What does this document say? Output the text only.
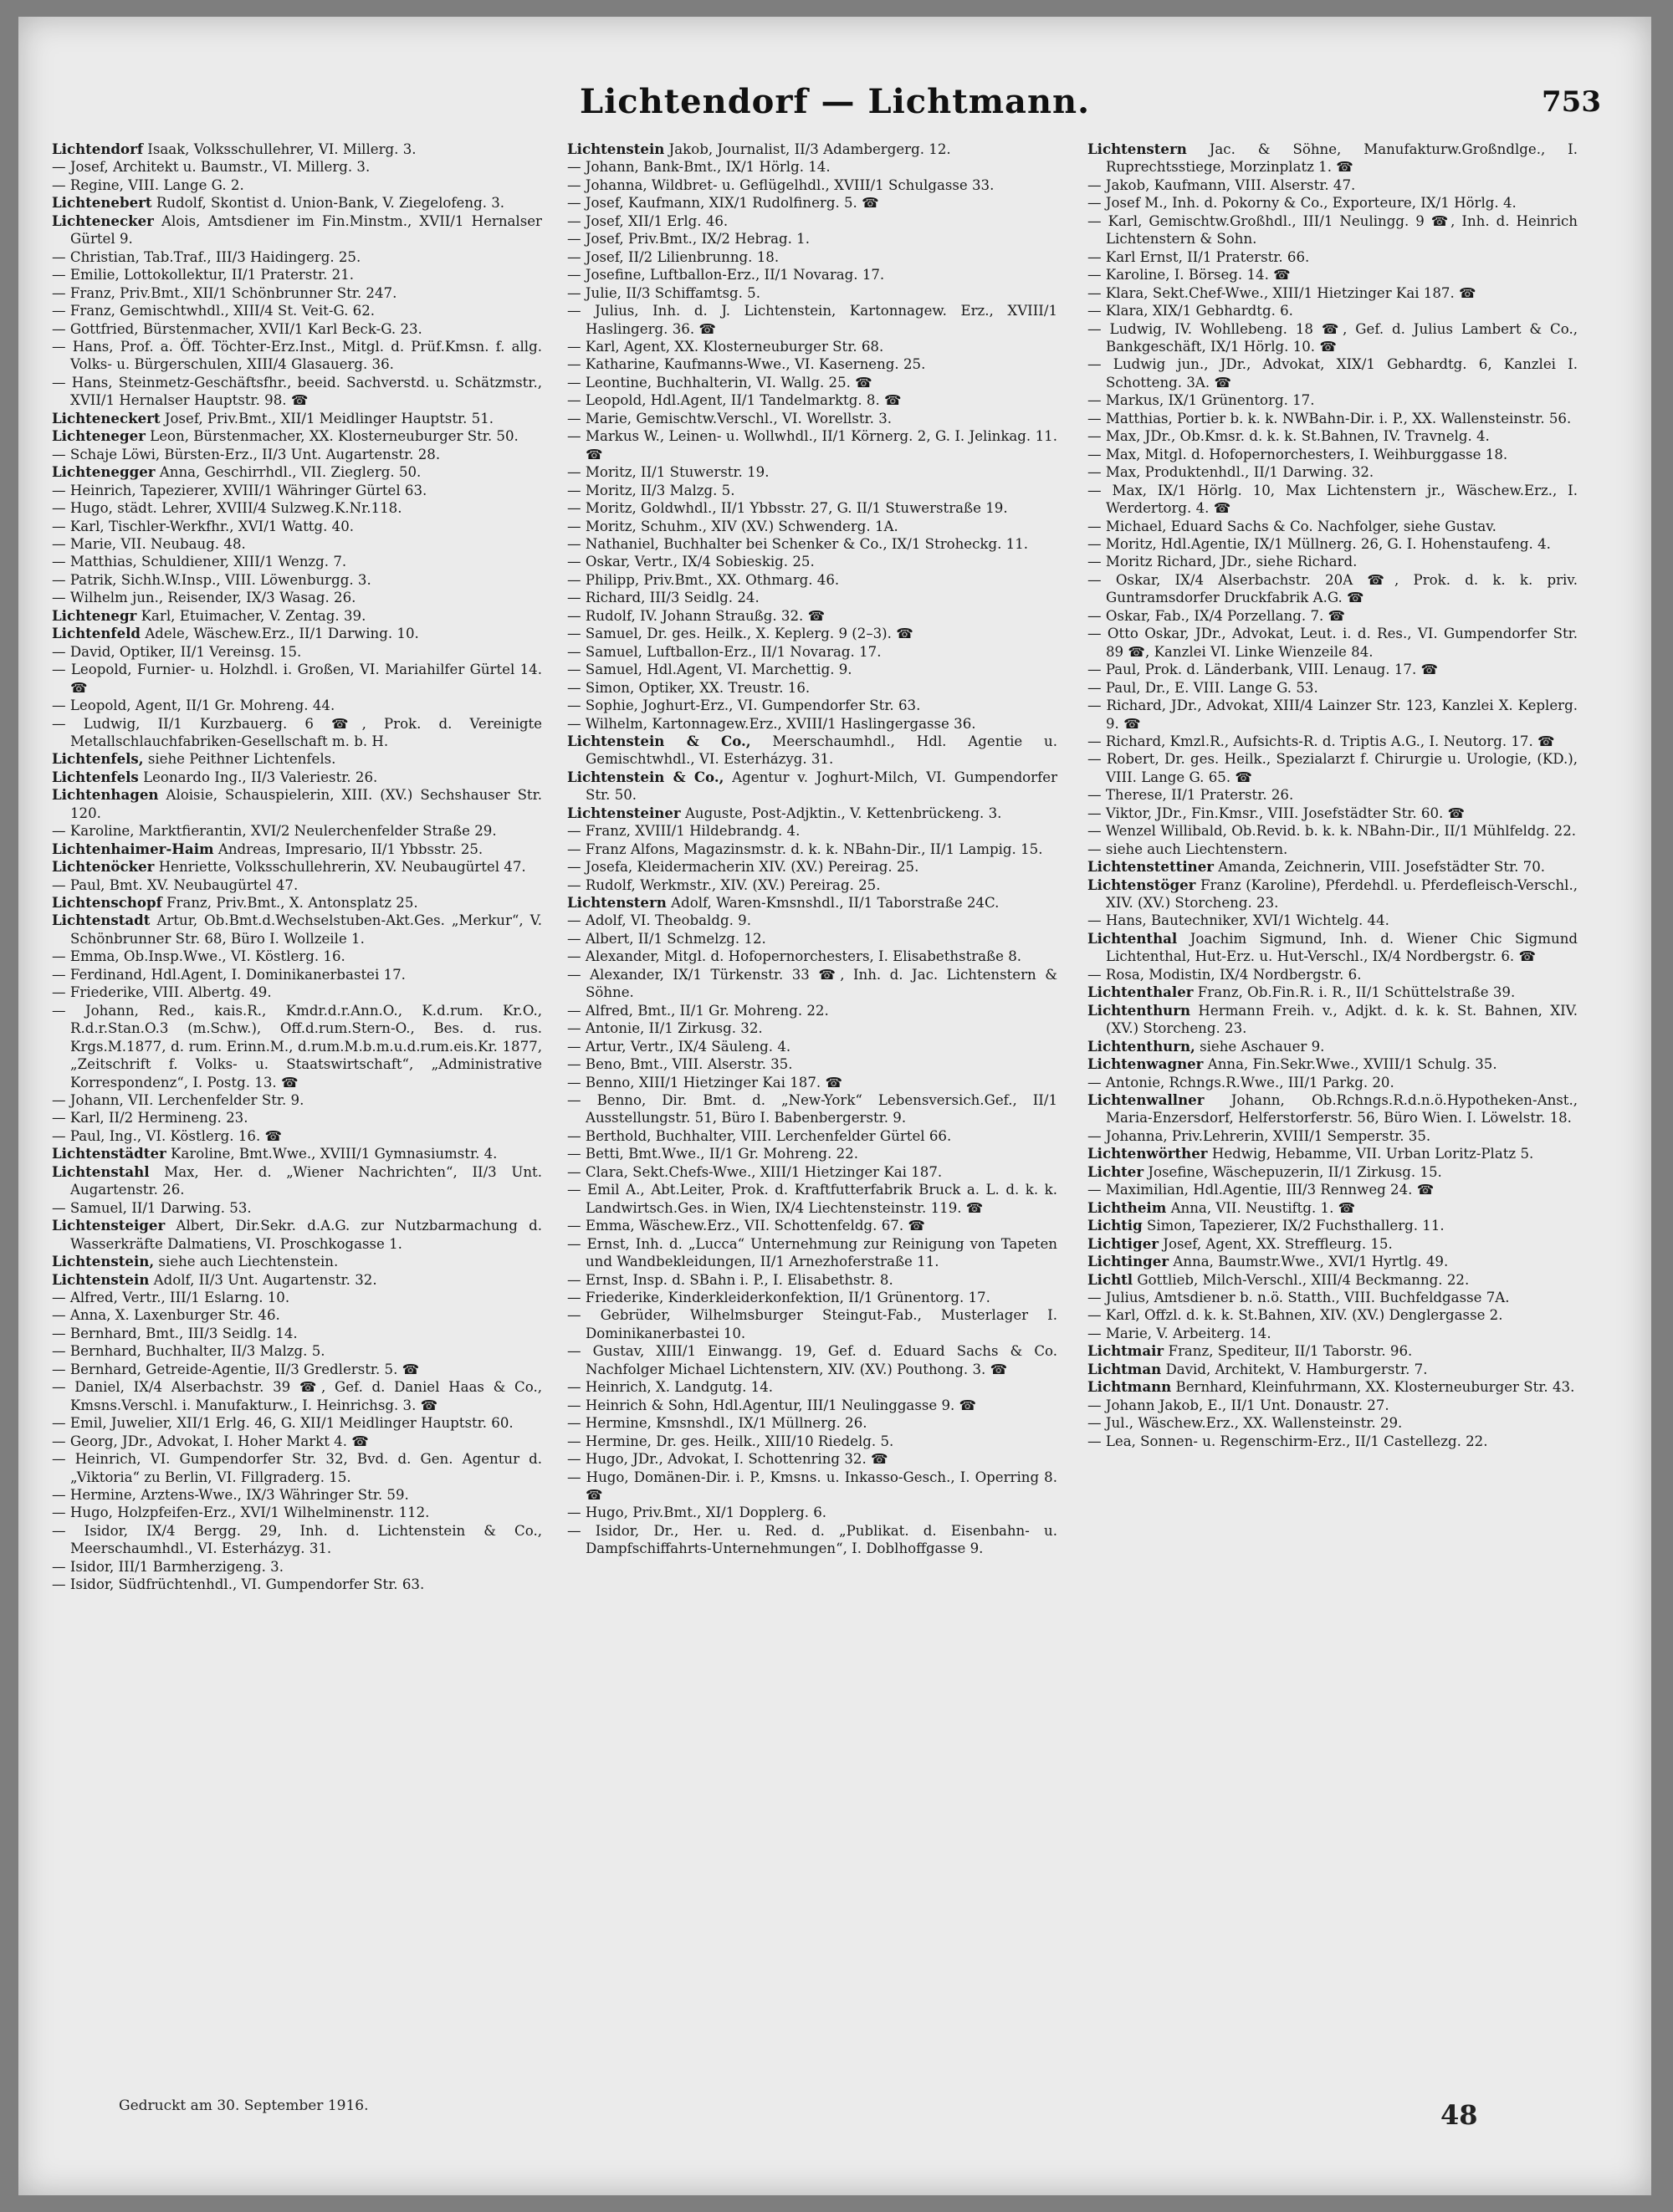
Lichtendorf — Lichtmann.	753

Lichtendorf Isaak, Volksschullehrer, VI. Millerg. 3.

— Josef, Architekt u. Baumstr., VI. Millerg. 3.

— Regine, VIII. Lange G. 2.

Lichtenebert Rudolf, Skontist d. Union-Bank, V. Ziegelofeng. 3.

Lichtenecker Alois, Amtsdiener im Fin.Minstm., XVII/1 Hernalser Gürtel 9.

— Christian, Tab.Traf., III/3 Haidingerg. 25.

— Emilie, Lottokollektur, II/1 Praterstr. 21.

— Franz, Priv.Bmt., XII/1 Schönbrunner Str. 247.

— Franz, Gemischtwhdl., XIII/4 St. Veit-G. 62.

— Gottfried, Bürstenmacher, XVII/1 Karl Beck-G. 23.

— Hans, Prof. a. Öff. Töchter-Erz.Inst., Mitgl. d. Prüf.Kmsn. f. allg. Volks- u. Bürgerschulen, XIII/4 Glasauerg. 36.

— Hans, Steinmetz-Geschäftsfhr., beeid. Sachverstd. u. Schätzmstr., XVII/1 Hernalser Hauptstr. 98. ☎

Lichteneckert Josef, Priv.Bmt., XII/1 Meidlinger Hauptstr. 51.

Lichteneger Leon, Bürstenmacher, XX. Klosterneuburger Str. 50.

— Schaje Löwi, Bürsten-Erz., II/3 Unt. Augartenstr. 28.

Lichtenegger Anna, Geschirrhdl., VII. Zieglerg. 50.

— Heinrich, Tapezierer, XVIII/1 Währinger Gürtel 63.

— Hugo, städt. Lehrer, XVIII/4 Sulzweg.K.Nr.118.

— Karl, Tischler-Werkfhr., XVI/1 Wattg. 40.

— Marie, VII. Neubaug. 48.

— Matthias, Schuldiener, XIII/1 Wenzg. 7.

— Patrik, Sichh.W.Insp., VIII. Löwenburgg. 3.

— Wilhelm jun., Reisender, IX/3 Wasag. 26.

Lichtenegr Karl, Etuimacher, V. Zentag. 39.

Lichtenfeld Adele, Wäschew.Erz., II/1 Darwing. 10.

— David, Optiker, II/1 Vereinsg. 15.

— Leopold, Furnier- u. Holzhdl. i. Großen, VI. Mariahilfer Gürtel 14. ☎

— Leopold, Agent, II/1 Gr. Mohreng. 44.

— Ludwig, II/1 Kurzbauerg. 6 ☎, Prok. d. Vereinigte Metallschlauchfabriken-Gesellschaft m. b. H.

Lichtenfels, siehe Peithner Lichtenfels.

Lichtenfels Leonardo Ing., II/3 Valeriestr. 26.

Lichtenhagen Aloisie, Schauspielerin, XIII. (XV.) Sechshauser Str. 120.

— Karoline, Marktfierantin, XVI/2 Neulerchenfelder Straße 29.

Lichtenhaimer-Haim Andreas, Impresario, II/1 Ybbsstr. 25.

Lichtenöcker Henriette, Volksschullehrerin, XV. Neubaugürtel 47.

— Paul, Bmt. XV. Neubaugürtel 47.

Lichtenschopf Franz, Priv.Bmt., X. Antonsplatz 25.

Lichtenstadt Artur, Ob.Bmt.d.Wechselstuben-Akt.Ges. „Merkur“, V. Schönbrunner Str. 68, Büro I. Wollzeile 1.

— Emma, Ob.Insp.Wwe., VI. Köstlerg. 16.

— Ferdinand, Hdl.Agent, I. Dominikanerbastei 17.

— Friederike, VIII. Albertg. 49.

— Johann, Red., kais.R., Kmdr.d.r.Ann.O., K.d.rum. Kr.O., R.d.r.Stan.O.3 (m.Schw.), Off.d.rum.Stern-O., Bes. d. rus. Krgs.M.1877, d. rum. Erinn.M., d.rum.M.b.m.u.d.rum.eis.Kr. 1877, „Zeitschrift f. Volks- u. Staatswirtschaft“, „Administrative Korrespondenz“, I. Postg. 13. ☎

— Johann, VII. Lerchenfelder Str. 9.

— Karl, II/2 Hermineng. 23.

— Paul, Ing., VI. Köstlerg. 16. ☎

Lichtenstädter Karoline, Bmt.Wwe., XVIII/1 Gymnasiumstr. 4.

Lichtenstahl Max, Her. d. „Wiener Nachrichten“, II/3 Unt. Augartenstr. 26.

— Samuel, II/1 Darwing. 53.

Lichtensteiger Albert, Dir.Sekr. d.A.G. zur Nutzbarmachung d. Wasserkräfte Dalmatiens, VI. Proschkogasse 1.

Lichtenstein, siehe auch Liechtenstein.

Lichtenstein Adolf, II/3 Unt. Augartenstr. 32.

— Alfred, Vertr., III/1 Eslarng. 10.

— Anna, X. Laxenburger Str. 46.

— Bernhard, Bmt., III/3 Seidlg. 14.

— Bernhard, Buchhalter, II/3 Malzg. 5.

— Bernhard, Getreide-Agentie, II/3 Gredlerstr. 5. ☎

— Daniel, IX/4 Alserbachstr. 39 ☎, Gef. d. Daniel Haas & Co., Kmsns.Verschl. i. Manufakturw., I. Heinrichsg. 3. ☎

— Emil, Juwelier, XII/1 Erlg. 46, G. XII/1 Meidlinger Hauptstr. 60.

— Georg, JDr., Advokat, I. Hoher Markt 4. ☎

— Heinrich, VI. Gumpendorfer Str. 32, Bvd. d. Gen. Agentur d. „Viktoria“ zu Berlin, VI. Fillgraderg. 15.

— Hermine, Arztens-Wwe., IX/3 Währinger Str. 59.

— Hugo, Holzpfeifen-Erz., XVI/1 Wilhelminenstr. 112.

— Isidor, IX/4 Bergg. 29, Inh. d. Lichtenstein & Co., Meerschaumhdl., VI. Esterházyg. 31.

— Isidor, III/1 Barmherzigeng. 3.

— Isidor, Südfrüchtenhdl., VI. Gumpendorfer Str. 63.

Lichtenstein Jakob, Journalist, II/3 Adambergerg. 12.

— Johann, Bank-Bmt., IX/1 Hörlg. 14.

— Johanna, Wildbret- u. Geflügelhdl., XVIII/1 Schulgasse 33.

— Josef, Kaufmann, XIX/1 Rudolfinerg. 5. ☎

— Josef, XII/1 Erlg. 46.

— Josef, Priv.Bmt., IX/2 Hebrag. 1.

— Josef, II/2 Lilienbrunng. 18.

— Josefine, Luftballon-Erz., II/1 Novarag. 17.

— Julie, II/3 Schiffamtsg. 5.

— Julius, Inh. d. J. Lichtenstein, Kartonnagew. Erz., XVIII/1 Haslingerg. 36. ☎

— Karl, Agent, XX. Klosterneuburger Str. 68.

— Katharine, Kaufmanns-Wwe., VI. Kaserneng. 25.

— Leontine, Buchhalterin, VI. Wallg. 25. ☎

— Leopold, Hdl.Agent, II/1 Tandelmarktg. 8. ☎

— Marie, Gemischtw.Verschl., VI. Worellstr. 3.

— Markus W., Leinen- u. Wollwhdl., II/1 Körnerg. 2, G. I. Jelinkag. 11. ☎

— Moritz, II/1 Stuwerstr. 19.

— Moritz, II/3 Malzg. 5.

— Moritz, Goldwhdl., II/1 Ybbsstr. 27, G. II/1 Stuwerstraße 19.

— Moritz, Schuhm., XIV (XV.) Schwenderg. 1A.

— Nathaniel, Buchhalter bei Schenker & Co., IX/1 Stroheckg. 11.

— Oskar, Vertr., IX/4 Sobieskig. 25.

— Philipp, Priv.Bmt., XX. Othmarg. 46.

— Richard, III/3 Seidlg. 24.

— Rudolf, IV. Johann Straußg. 32. ☎

— Samuel, Dr. ges. Heilk., X. Keplerg. 9 (2–3). ☎

— Samuel, Luftballon-Erz., II/1 Novarag. 17.

— Samuel, Hdl.Agent, VI. Marchettig. 9.

— Simon, Optiker, XX. Treustr. 16.

— Sophie, Joghurt-Erz., VI. Gumpendorfer Str. 63.

— Wilhelm, Kartonnagew.Erz., XVIII/1 Haslingergasse 36.

Lichtenstein & Co., Meerschaumhdl., Hdl. Agentie u. Gemischtwhdl., VI. Esterházyg. 31.

Lichtenstein & Co., Agentur v. Joghurt-Milch, VI. Gumpendorfer Str. 50.

Lichtensteiner Auguste, Post-Adjktin., V. Kettenbrückeng. 3.

— Franz, XVIII/1 Hildebrandg. 4.

— Franz Alfons, Magazinsmstr. d. k. k. NBahn-Dir., II/1 Lampig. 15.

— Josefa, Kleidermacherin XIV. (XV.) Pereirag. 25.

— Rudolf, Werkmstr., XIV. (XV.) Pereirag. 25.

Lichtenstern Adolf, Waren-Kmsnshdl., II/1 Taborstraße 24C.

— Adolf, VI. Theobaldg. 9.

— Albert, II/1 Schmelzg. 12.

— Alexander, Mitgl. d. Hofopernorchesters, I. Elisabethstraße 8.

— Alexander, IX/1 Türkenstr. 33 ☎, Inh. d. Jac. Lichtenstern & Söhne.

— Alfred, Bmt., II/1 Gr. Mohreng. 22.

— Antonie, II/1 Zirkusg. 32.

— Artur, Vertr., IX/4 Säuleng. 4.

— Beno, Bmt., VIII. Alserstr. 35.

— Benno, XIII/1 Hietzinger Kai 187. ☎

— Benno, Dir. Bmt. d. „New-York“ Lebensversich.Gef., II/1 Ausstellungstr. 51, Büro I. Babenbergerstr. 9.

— Berthold, Buchhalter, VIII. Lerchenfelder Gürtel 66.

— Betti, Bmt.Wwe., II/1 Gr. Mohreng. 22.

— Clara, Sekt.Chefs-Wwe., XIII/1 Hietzinger Kai 187.

— Emil A., Abt.Leiter, Prok. d. Kraftfutterfabrik Bruck a. L. d. k. k. Landwirtsch.Ges. in Wien, IX/4 Liechtensteinstr. 119. ☎

— Emma, Wäschew.Erz., VII. Schottenfeldg. 67. ☎

— Ernst, Inh. d. „Lucca“ Unternehmung zur Reinigung von Tapeten und Wandbekleidungen, II/1 Arnezhoferstraße 11.

— Ernst, Insp. d. SBahn i. P., I. Elisabethstr. 8.

— Friederike, Kinderkleiderkonfektion, II/1 Grünentorg. 17.

— Gebrüder, Wilhelmsburger Steingut-Fab., Musterlager I. Dominikanerbastei 10.

— Gustav, XIII/1 Einwangg. 19, Gef. d. Eduard Sachs & Co. Nachfolger Michael Lichtenstern, XIV. (XV.) Pouthong. 3. ☎

— Heinrich, X. Landgutg. 14.

— Heinrich & Sohn, Hdl.Agentur, III/1 Neulinggasse 9. ☎

— Hermine, Kmsnshdl., IX/1 Müllnerg. 26.

— Hermine, Dr. ges. Heilk., XIII/10 Riedelg. 5.

— Hugo, JDr., Advokat, I. Schottenring 32. ☎

— Hugo, Domänen-Dir. i. P., Kmsns. u. Inkasso-Gesch., I. Operring 8. ☎

— Hugo, Priv.Bmt., XI/1 Dopplerg. 6.

— Isidor, Dr., Her. u. Red. d. „Publikat. d. Eisenbahn- u. Dampfschiffahrts-Unternehmungen“, I. Doblhoffgasse 9.

Lichtenstern Jac. & Söhne, Manufakturw.Großndlge., I. Ruprechtsstiege, Morzinplatz 1. ☎

— Jakob, Kaufmann, VIII. Alserstr. 47.

— Josef M., Inh. d. Pokorny & Co., Exporteure, IX/1 Hörlg. 4.

— Karl, Gemischtw.Großhdl., III/1 Neulingg. 9 ☎, Inh. d. Heinrich Lichtenstern & Sohn.

— Karl Ernst, II/1 Praterstr. 66.

— Karoline, I. Börseg. 14. ☎

— Klara, Sekt.Chef-Wwe., XIII/1 Hietzinger Kai 187. ☎

— Klara, XIX/1 Gebhardtg. 6.

— Ludwig, IV. Wohllebeng. 18 ☎, Gef. d. Julius Lambert & Co., Bankgeschäft, IX/1 Hörlg. 10. ☎

— Ludwig jun., JDr., Advokat, XIX/1 Gebhardtg. 6, Kanzlei I. Schotteng. 3A. ☎

— Markus, IX/1 Grünentorg. 17.

— Matthias, Portier b. k. k. NWBahn-Dir. i. P., XX. Wallensteinstr. 56.

— Max, JDr., Ob.Kmsr. d. k. k. St.Bahnen, IV. Travnelg. 4.

— Max, Mitgl. d. Hofopernorchesters, I. Weihburggasse 18.

— Max, Produktenhdl., II/1 Darwing. 32.

— Max, IX/1 Hörlg. 10, Max Lichtenstern jr., Wäschew.Erz., I. Werdertorg. 4. ☎

— Michael, Eduard Sachs & Co. Nachfolger, siehe Gustav.

— Moritz, Hdl.Agentie, IX/1 Müllnerg. 26, G. I. Hohenstaufeng. 4.

— Moritz Richard, JDr., siehe Richard.

— Oskar, IX/4 Alserbachstr. 20A ☎, Prok. d. k. k. priv. Guntramsdorfer Druckfabrik A.G. ☎

— Oskar, Fab., IX/4 Porzellang. 7. ☎

— Otto Oskar, JDr., Advokat, Leut. i. d. Res., VI. Gumpendorfer Str. 89 ☎, Kanzlei VI. Linke Wienzeile 84.

— Paul, Prok. d. Länderbank, VIII. Lenaug. 17. ☎

— Paul, Dr., E. VIII. Lange G. 53.

— Richard, JDr., Advokat, XIII/4 Lainzer Str. 123, Kanzlei X. Keplerg. 9. ☎

— Richard, Kmzl.R., Aufsichts-R. d. Triptis A.G., I. Neutorg. 17. ☎

— Robert, Dr. ges. Heilk., Spezialarzt f. Chirurgie u. Urologie, (KD.), VIII. Lange G. 65. ☎

— Therese, II/1 Praterstr. 26.

— Viktor, JDr., Fin.Kmsr., VIII. Josefstädter Str. 60. ☎

— Wenzel Willibald, Ob.Revid. b. k. k. NBahn-Dir., II/1 Mühlfeldg. 22.

— siehe auch Liechtenstern.

Lichtenstettiner Amanda, Zeichnerin, VIII. Josefstädter Str. 70.

Lichtenstöger Franz (Karoline), Pferdehdl. u. Pferdefleisch-Verschl., XIV. (XV.) Storcheng. 23.

— Hans, Bautechniker, XVI/1 Wichtelg. 44.

Lichtenthal Joachim Sigmund, Inh. d. Wiener Chic Sigmund Lichtenthal, Hut-Erz. u. Hut-Verschl., IX/4 Nordbergstr. 6. ☎

— Rosa, Modistin, IX/4 Nordbergstr. 6.

Lichtenthaler Franz, Ob.Fin.R. i. R., II/1 Schüttelstraße 39.

Lichtenthurn Hermann Freih. v., Adjkt. d. k. k. St. Bahnen, XIV. (XV.) Storcheng. 23.

Lichtenthurn, siehe Aschauer 9.

Lichtenwagner Anna, Fin.Sekr.Wwe., XVIII/1 Schulg. 35.

— Antonie, Rchngs.R.Wwe., III/1 Parkg. 20.

Lichtenwallner Johann, Ob.Rchngs.R.d.n.ö.Hypotheken-Anst., Maria-Enzersdorf, Helferstorferstr. 56, Büro Wien. I. Löwelstr. 18.

— Johanna, Priv.Lehrerin, XVIII/1 Semperstr. 35.

Lichtenwörther Hedwig, Hebamme, VII. Urban Loritz-Platz 5.

Lichter Josefine, Wäschepuzerin, II/1 Zirkusg. 15.

— Maximilian, Hdl.Agentie, III/3 Rennweg 24. ☎

Lichtheim Anna, VII. Neustiftg. 1. ☎

Lichtig Simon, Tapezierer, IX/2 Fuchsthallerg. 11.

Lichtiger Josef, Agent, XX. Streffleurg. 15.

Lichtinger Anna, Baumstr.Wwe., XVI/1 Hyrtlg. 49.

Lichtl Gottlieb, Milch-Verschl., XIII/4 Beckmanng. 22.

— Julius, Amtsdiener b. n.ö. Statth., VIII. Buchfeldgasse 7A.

— Karl, Offzl. d. k. k. St.Bahnen, XIV. (XV.) Denglergasse 2.

— Marie, V. Arbeiterg. 14.

Lichtmair Franz, Spediteur, II/1 Taborstr. 96.

Lichtman David, Architekt, V. Hamburgerstr. 7.

Lichtmann Bernhard, Kleinfuhrmann, XX. Klosterneuburger Str. 43.

— Johann Jakob, E., II/1 Unt. Donaustr. 27.

— Jul., Wäschew.Erz., XX. Wallensteinstr. 29.

— Lea, Sonnen- u. Regenschirm-Erz., II/1 Castellezg. 22.

Gedruckt am 30. September 1916.	48
